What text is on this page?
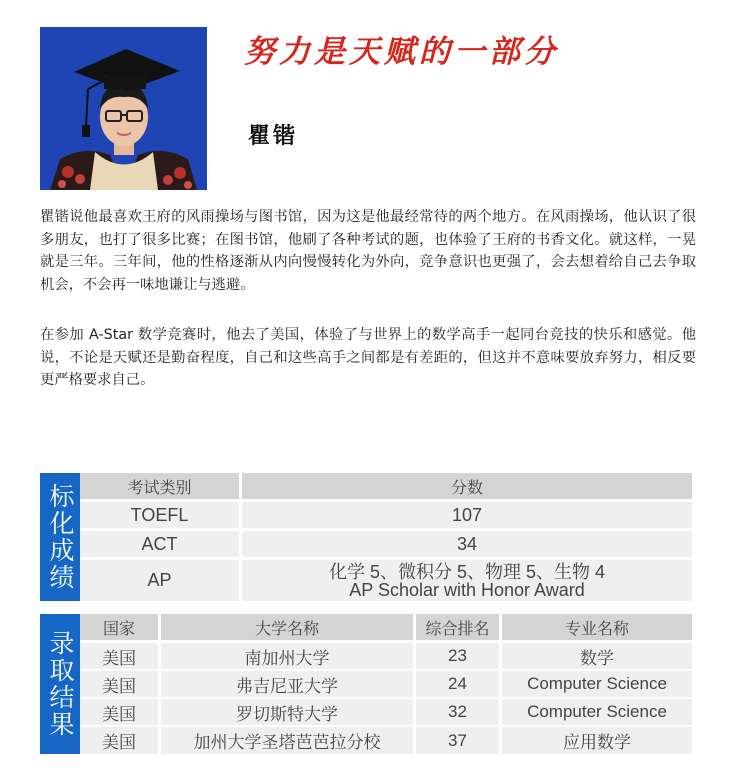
努力是天赋的一部分
瞿锴

瞿锴说他最喜欢王府的风雨操场与图书馆，因为这是他最经常待的两个地方。在风雨操场，他认识了很多朋友，也打了很多比赛；在图书馆，他刷了各种考试的题，也体验了王府的书香文化。就这样，一晃就是三年。三年间，他的性格逐渐从内向慢慢转化为外向，竞争意识也更强了，会去想着给自己去争取机会，不会再一味地谦让与逃避。

在参加 A-Star 数学竞赛时，他去了美国，体验了与世界上的数学高手一起同台竞技的快乐和感觉。他说，不论是天赋还是勤奋程度，自己和这些高手之间都是有差距的，但这并不意味要放弃努力，相反要更严格要求自己。

标化成绩	考试类别	分数
TOEFL	107
ACT	34
AP	化学 5、微积分 5、物理 5、生物 4
AP Scholar with Honor Award
录取结果
国家	大学名称	综合排名	专业名称
美国	南加州大学	23	数学
美国	弗吉尼亚大学	24	Computer Science
美国	罗切斯特大学	32	Computer Science
美国	加州大学圣塔芭芭拉分校	37	应用数学
